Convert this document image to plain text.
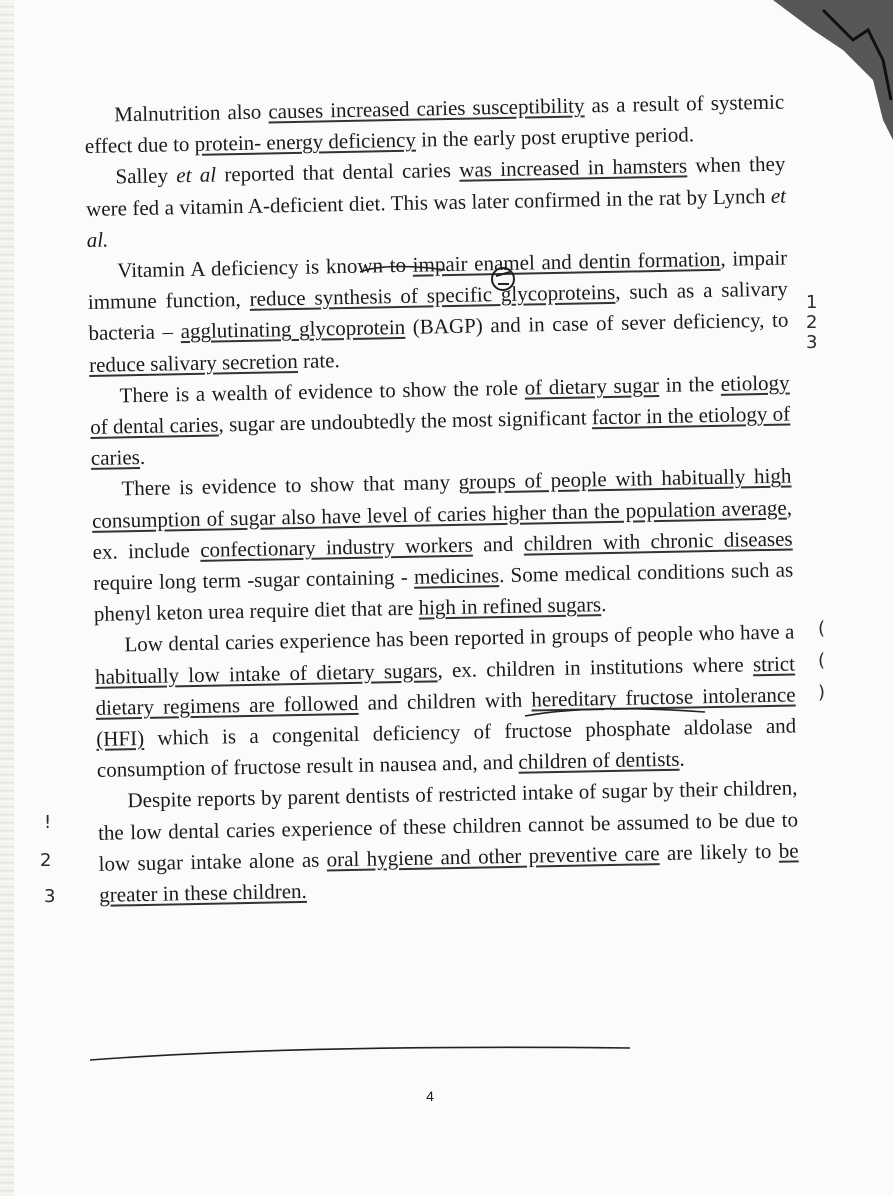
Malnutrition also causes increased caries susceptibility as a result of systemic effect due to protein- energy deficiency in the early post eruptive period.

Salley et al reported that dental caries was increased in hamsters when they were fed a vitamin A-deficient diet. This was later confirmed in the rat by Lynch et al.

Vitamin A deficiency is known to impair enamel and dentin formation, impair immune function, reduce synthesis of specific glycoproteins, such as a salivary bacteria – agglutinating glycoprotein (BAGP) and in case of sever deficiency, to reduce salivary secretion rate.

There is a wealth of evidence to show the role of dietary sugar in the etiology of dental caries, sugar are undoubtedly the most significant factor in the etiology of caries.

There is evidence to show that many groups of people with habitually high consumption of sugar also have level of caries higher than the population average, ex. include confectionary industry workers and children with chronic diseases require long term -sugar containing - medicines. Some medical conditions such as phenyl keton urea require diet that are high in refined sugars.

Low dental caries experience has been reported in groups of people who have a habitually low intake of dietary sugars, ex. children in institutions where strict dietary regimens are followed and children with hereditary fructose intolerance (HFI) which is a congenital deficiency of fructose phosphate aldolase and consumption of fructose result in nausea and, and children of dentists.

Despite reports by parent dentists of restricted intake of sugar by their children, the low dental caries experience of these children cannot be assumed to be due to low sugar intake alone as oral hygiene and other preventive care are likely to be greater in these children.

1
2
3
(
(
)
!
2
3
4
